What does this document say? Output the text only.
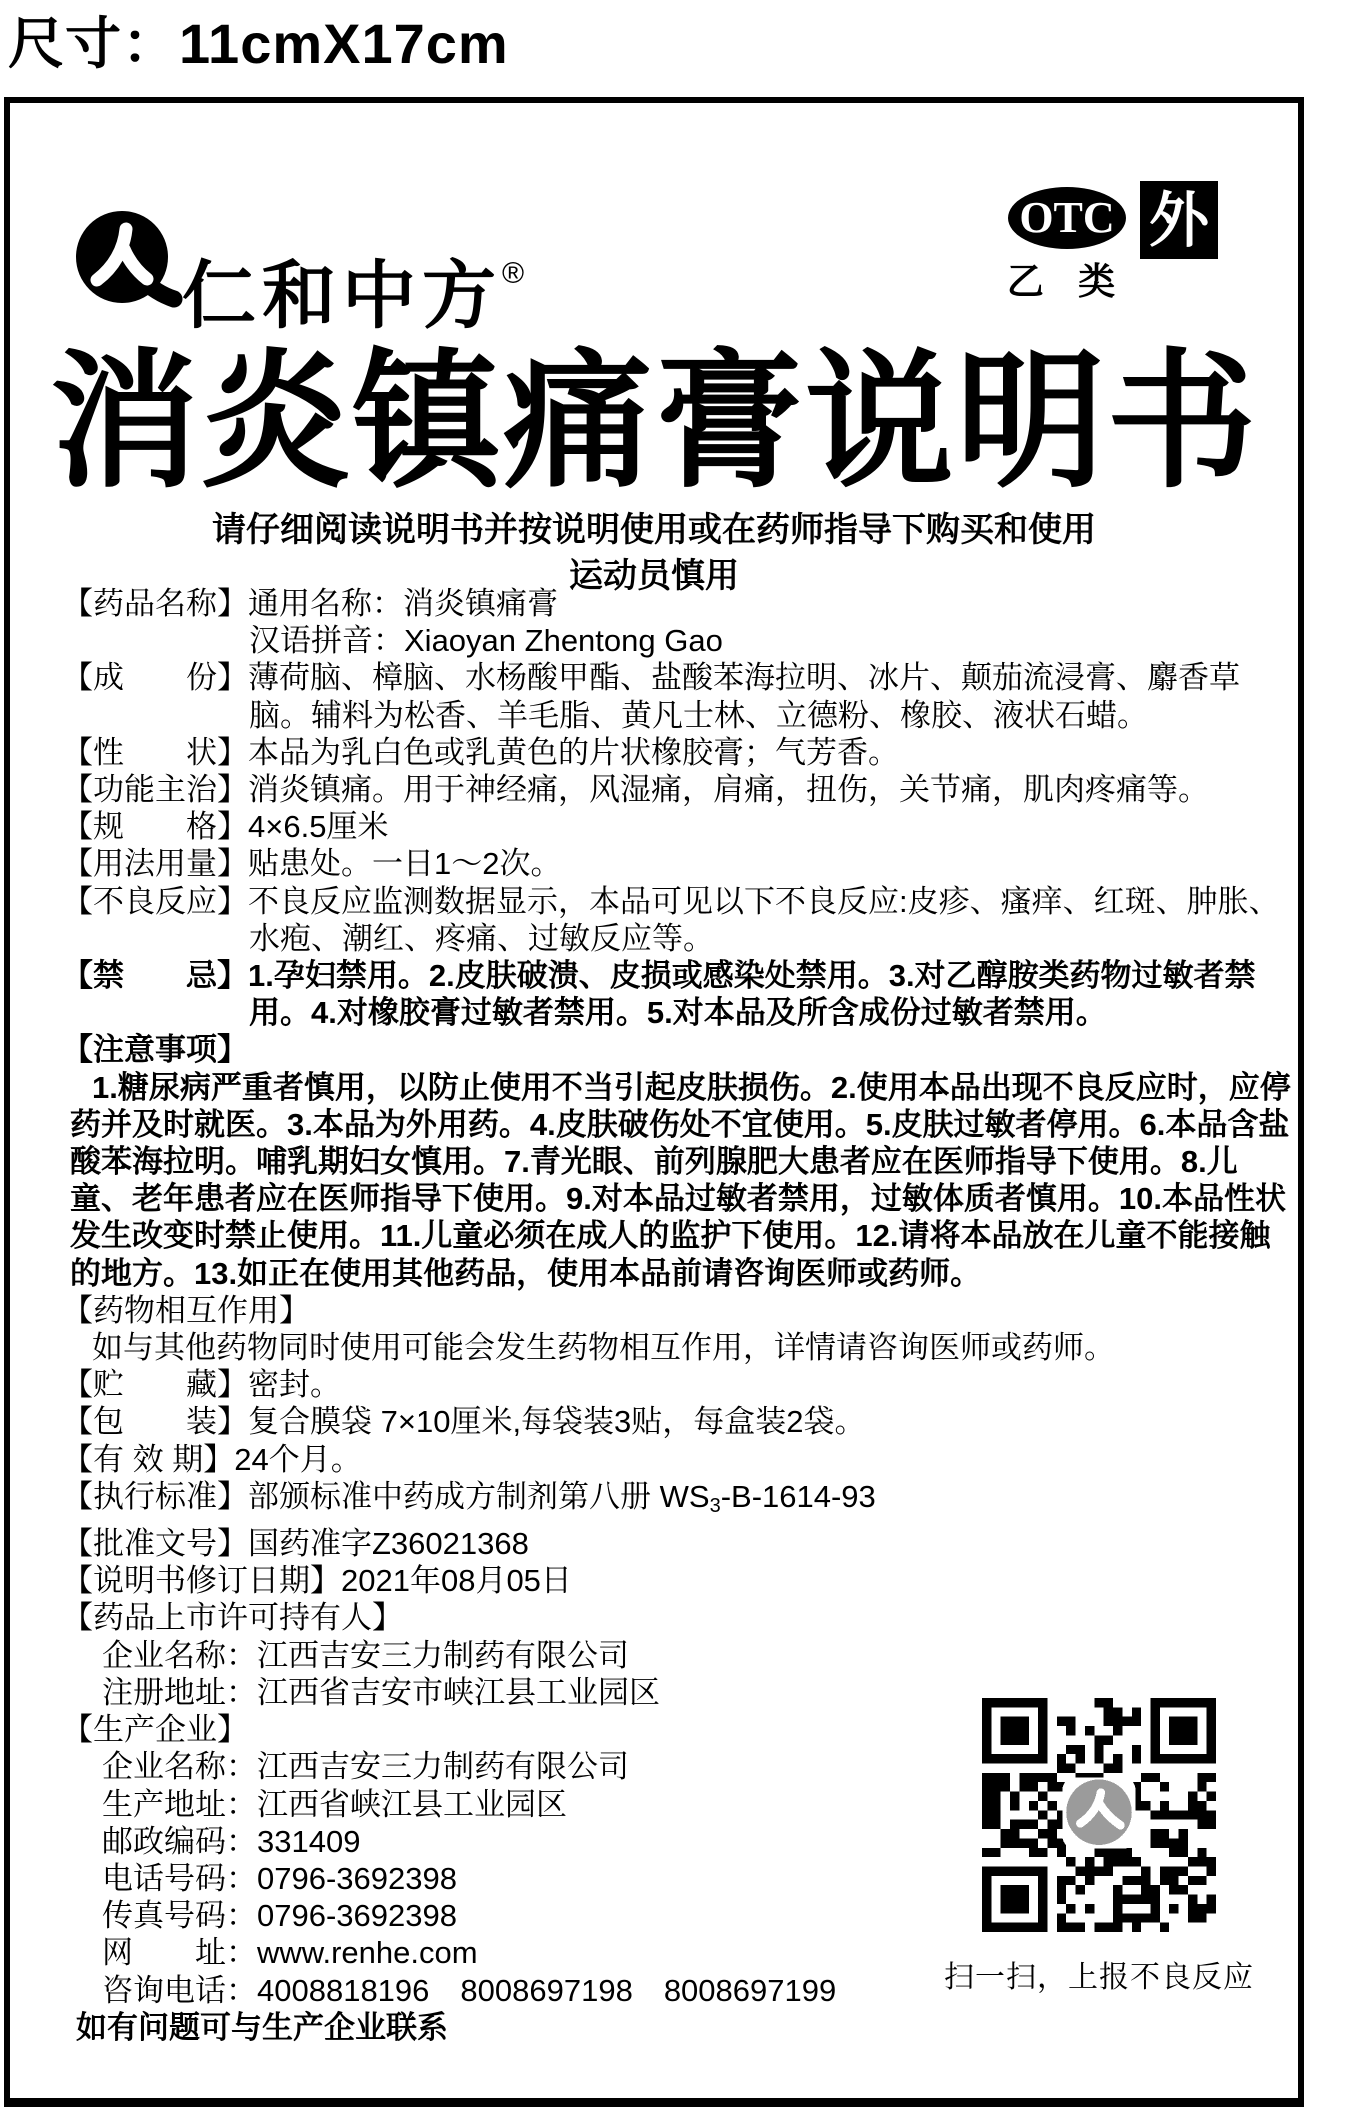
尺寸：11cmX17cm
仁和中方®
OTC
乙 类
外
消炎镇痛膏说明书
请仔细阅读说明书并按说明使用或在药师指导下购买和使用
运动员慎用
【药品名称】通用名称：消炎镇痛膏
汉语拼音：Xiaoyan Zhentong Gao
【成　　份】薄荷脑、樟脑、水杨酸甲酯、盐酸苯海拉明、冰片、颠茄流浸膏、麝香草脑。辅料为松香、羊毛脂、黄凡士林、立德粉、橡胶、液状石蜡。
【性　　状】本品为乳白色或乳黄色的片状橡胶膏；气芳香。
【功能主治】消炎镇痛。用于神经痛，风湿痛，肩痛，扭伤，关节痛，肌肉疼痛等。
【规　　格】4×6.5厘米
【用法用量】贴患处。一日1～2次。
【不良反应】不良反应监测数据显示，本品可见以下不良反应:皮疹、瘙痒、红斑、肿胀、水疱、潮红、疼痛、过敏反应等。
【禁　　忌】1.孕妇禁用。2.皮肤破溃、皮损或感染处禁用。3.对乙醇胺类药物过敏者禁用。4.对橡胶膏过敏者禁用。5.对本品及所含成份过敏者禁用。
【注意事项】
1.糖尿病严重者慎用，以防止使用不当引起皮肤损伤。2.使用本品出现不良反应时，应停药并及时就医。3.本品为外用药。4.皮肤破伤处不宜使用。5.皮肤过敏者停用。6.本品含盐酸苯海拉明。哺乳期妇女慎用。7.青光眼、前列腺肥大患者应在医师指导下使用。8.儿童、老年患者应在医师指导下使用。9.对本品过敏者禁用，过敏体质者慎用。10.本品性状发生改变时禁止使用。11.儿童必须在成人的监护下使用。12.请将本品放在儿童不能接触的地方。13.如正在使用其他药品，使用本品前请咨询医师或药师。
【药物相互作用】
如与其他药物同时使用可能会发生药物相互作用，详情请咨询医师或药师。
【贮　　藏】密封。
【包　　装】复合膜袋 7×10厘米,每袋装3贴，每盒装2袋。
【有 效 期】24个月。
【执行标准】部颁标准中药成方制剂第八册 $WS_3-B-1614-93$
【批准文号】国药准字Z36021368
【说明书修订日期】2021年08月05日
【药品上市许可持有人】
企业名称：江西吉安三力制药有限公司
注册地址：江西省吉安市峡江县工业园区
【生产企业】
企业名称：江西吉安三力制药有限公司
生产地址：江西省峡江县工业园区
邮政编码：331409
电话号码：0796-3692398
传真号码：0796-3692398
网　　址：www.renhe.com
咨询电话：4008818196　8008697198　8008697199
如有问题可与生产企业联系
扫一扫，上报不良反应
